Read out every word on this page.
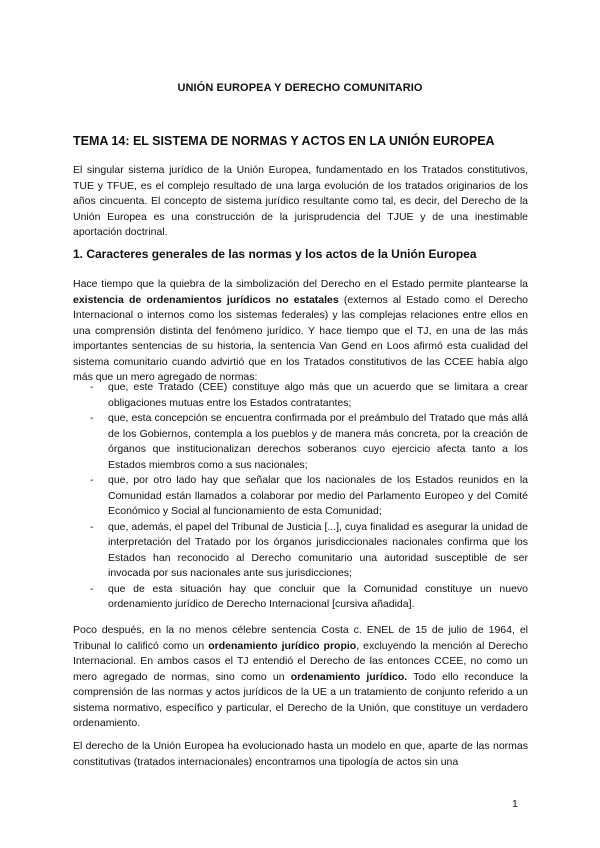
UNIÓN EUROPEA Y DERECHO COMUNITARIO
TEMA 14: EL SISTEMA DE NORMAS Y ACTOS EN LA UNIÓN EUROPEA
El singular sistema jurídico de la Unión Europea, fundamentado en los Tratados constitutivos, TUE y TFUE, es el complejo resultado de una larga evolución de los tratados originarios de los años cincuenta. El concepto de sistema jurídico resultante como tal, es decir, del Derecho de la Unión Europea es una construcción de la jurisprudencia del TJUE y de una inestimable aportación doctrinal.
1. Caracteres generales de las normas y los actos de la Unión Europea
Hace tiempo que la quiebra de la simbolización del Derecho en el Estado permite plantearse la existencia de ordenamientos jurídicos no estatales (externos al Estado como el Derecho Internacional o internos como los sistemas federales) y las complejas relaciones entre ellos en una comprensión distinta del fenómeno jurídico. Y hace tiempo que el TJ, en una de las más importantes sentencias de su historia, la sentencia Van Gend en Loos afirmó esta cualidad del sistema comunitario cuando advirtió que en los Tratados constitutivos de las CCEE había algo más que un mero agregado de normas:
- que, este Tratado (CEE) constituye algo más que un acuerdo que se limitara a crear obligaciones mutuas entre los Estados contratantes;
- que, esta concepción se encuentra confirmada por el preámbulo del Tratado que más allá de los Gobiernos, contempla a los pueblos y de manera más concreta, por la creación de órganos que institucionalizan derechos soberanos cuyo ejercicio afecta tanto a los Estados miembros como a sus nacionales;
- que, por otro lado hay que señalar que los nacionales de los Estados reunidos en la Comunidad están llamados a colaborar por medio del Parlamento Europeo y del Comité Económico y Social al funcionamiento de esta Comunidad;
- que, además, el papel del Tribunal de Justicia [...], cuya finalidad es asegurar la unidad de interpretación del Tratado por los órganos jurisdiccionales nacionales confirma que los Estados han reconocido al Derecho comunitario una autoridad susceptible de ser invocada por sus nacionales ante sus jurisdicciones;
- que de esta situación hay que concluir que la Comunidad constituye un nuevo ordenamiento jurídico de Derecho Internacional [cursiva añadida].
Poco después, en la no menos célebre sentencia Costa c. ENEL de 15 de julio de 1964, el Tribunal lo calificó como un ordenamiento jurídico propio, excluyendo la mención al Derecho Internacional. En ambos casos el TJ entendió el Derecho de las entonces CCEE, no como un mero agregado de normas, sino como un ordenamiento jurídico. Todo ello reconduce la comprensión de las normas y actos jurídicos de la UE a un tratamiento de conjunto referido a un sistema normativo, específico y particular, el Derecho de la Unión, que constituye un verdadero ordenamiento.
El derecho de la Unión Europea ha evolucionado hasta un modelo en que, aparte de las normas constitutivas (tratados internacionales) encontramos una tipología de actos sin una
1
